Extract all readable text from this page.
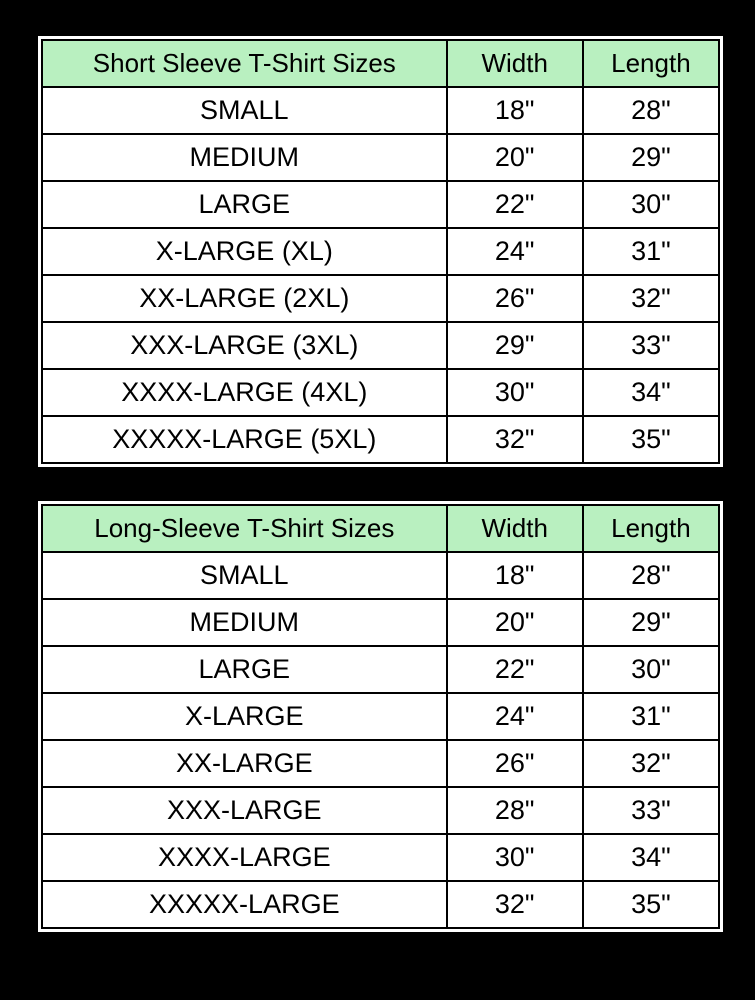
Short Sleeve T-Shirt Sizes	Width	Length
SMALL	18"	28"
MEDIUM	20"	29"
LARGE	22"	30"
X-LARGE (XL)	24"	31"
XX-LARGE (2XL)	26"	32"
XXX-LARGE (3XL)	29"	33"
XXXX-LARGE (4XL)	30"	34"
XXXXX-LARGE (5XL)	32"	35"
Long-Sleeve T-Shirt Sizes	Width	Length
SMALL	18"	28"
MEDIUM	20"	29"
LARGE	22"	30"
X-LARGE	24"	31"
XX-LARGE	26"	32"
XXX-LARGE	28"	33"
XXXX-LARGE	30"	34"
XXXXX-LARGE	32"	35"
